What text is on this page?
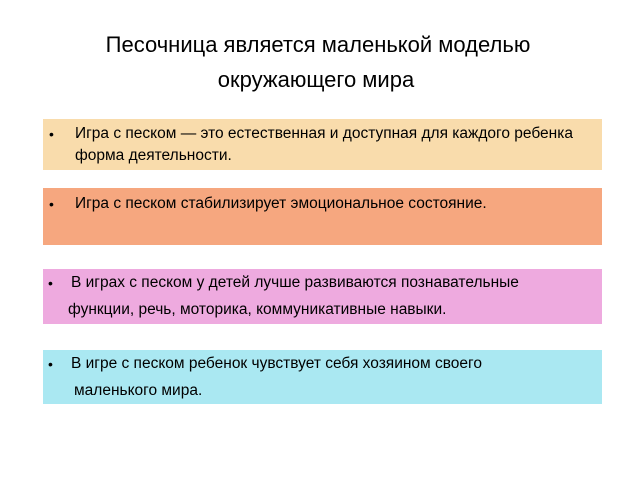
Песочница является маленькой моделью
окружающего мира
• Игра с песком — это естественная и доступная для каждого ребенка форма деятельности.
• Игра с песком стабилизирует эмоциональное состояние.
• В играх с песком у детей лучше развиваются познавательные
функции, речь, моторика, коммуникативные навыки.
• В игре с песком ребенок чувствует себя хозяином своего
маленького мира.
